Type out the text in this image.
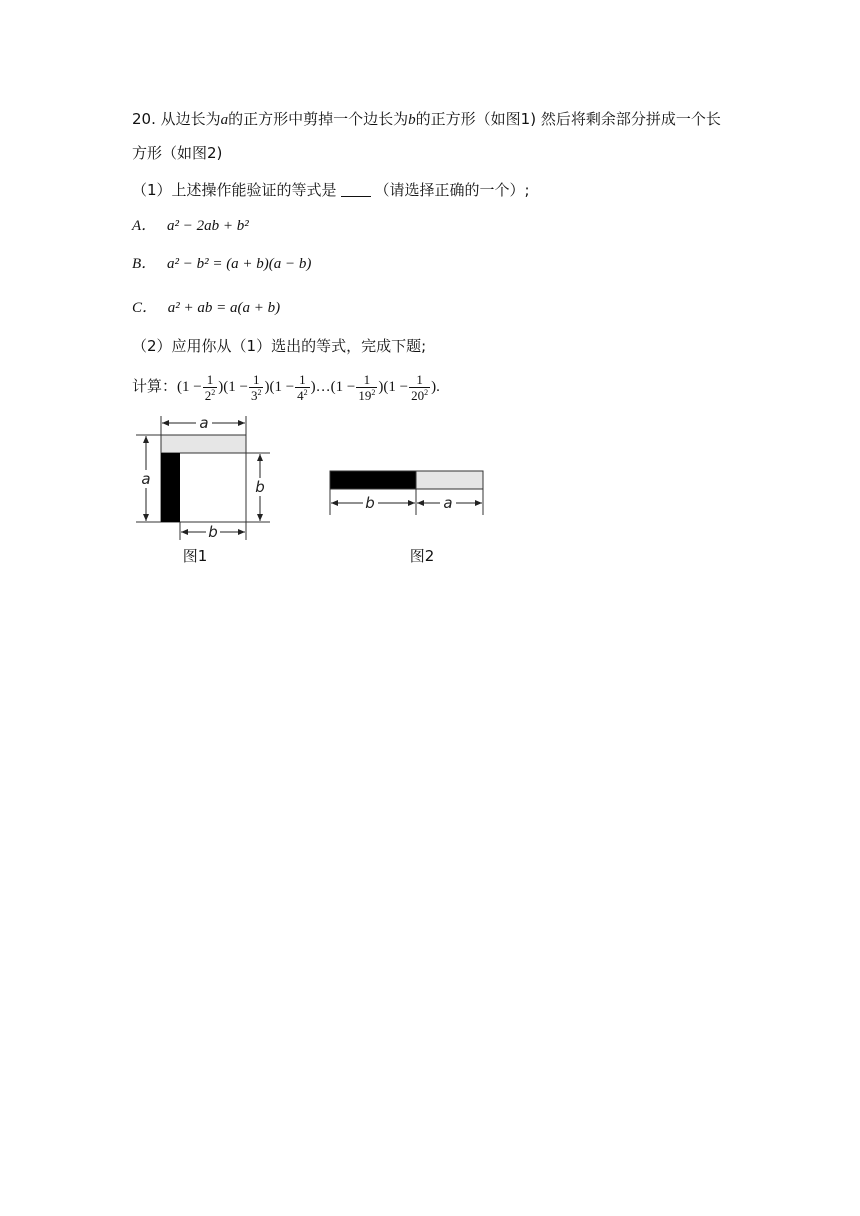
20. 从边长为a的正方形中剪掉一个边长为b的正方形（如图1) 然后将剩余部分拼成一个长
方形（如图2)
（1）上述操作能验证的等式是	（请选择正确的一个）;
A． a² − 2ab + b²
B． a² − b² = (a + b)(a − b)
C． a² + ab = a(a + b)
（2）应用你从（1）选出的等式，完成下题;
计算：$(1 - \frac{1}{2^2} )(1 - \frac{1}{3^2} )(1 - \frac{1}{4^2}$ )…(1 − $\frac{1}{19^2} )(1 - \frac{1}{20^2}$ ).
a
a	b
b
图1
b	a
图2
